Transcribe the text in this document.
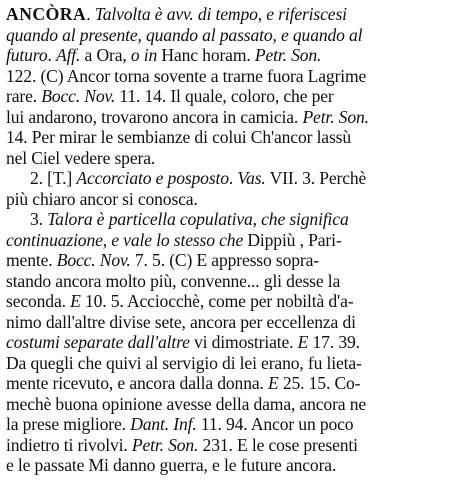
ANCÒRA. Talvolta è avv. di tempo, e riferiscesi
quando al presente, quando al passato, e quando al
futuro. Aff. a Ora, o in Hanc horam. Petr. Son.
122. (C) Ancor torna sovente a trarne fuora Lagrime
rare. Bocc. Nov. 11. 14. Il quale, coloro, che per
lui andarono, trovarono ancora in camicia. Petr. Son.
14. Per mirar le sembianze di colui Ch'ancor lassù
nel Ciel vedere spera.
2. [T.] Accorciato e posposto. Vas. VII. 3. Perchè
più chiaro ancor si conosca.
3. Talora è particella copulativa, che significa
continuazione, e vale lo stesso che Dippiù , Pari-
mente. Bocc. Nov. 7. 5. (C) E appresso sopra-
stando ancora molto più, convenne... gli desse la
seconda. E 10. 5. Acciocchè, come per nobiltà d'a-
nimo dall'altre divise sete, ancora per eccellenza di
costumi separate dall'altre vi dimostriate. E 17. 39.
Da quegli che quivi al servigio di lei erano, fu lieta-
mente ricevuto, e ancora dalla donna. E 25. 15. Co-
mechè buona opinione avesse della dama, ancora ne
la prese migliore. Dant. Inf. 11. 94. Ancor un poco
indietro ti rivolvi. Petr. Son. 231. E le cose presenti
e le passate Mi danno guerra, e le future ancora.
